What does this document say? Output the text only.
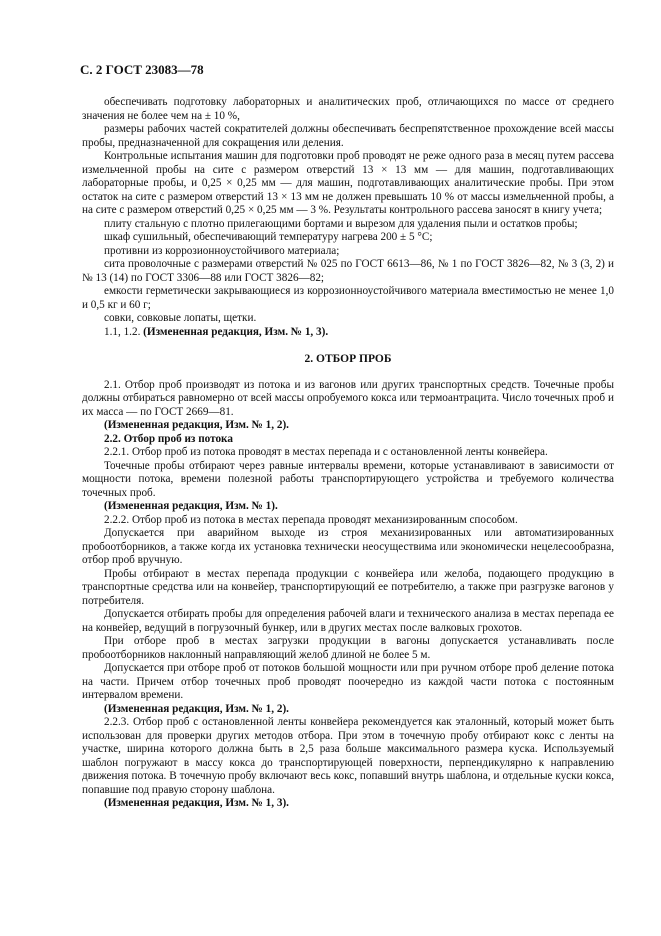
С. 2 ГОСТ 23083—78

обеспечивать подготовку лабораторных и аналитических проб, отличающихся по массе от среднего значения не более чем на ± 10 %,

размеры рабочих частей сократителей должны обеспечивать беспрепятственное прохождение всей массы пробы, предназначенной для сокращения или деления.

Контрольные испытания машин для подготовки проб проводят не реже одного раза в месяц путем рассева измельченной пробы на сите с размером отверстий 13 × 13 мм — для машин, подготавливающих лабораторные пробы, и 0,25 × 0,25 мм — для машин, подготавливающих аналитические пробы. При этом остаток на сите с размером отверстий 13 × 13 мм не должен превышать 10 % от массы измельченной пробы, а на сите с размером отверстий 0,25 × 0,25 мм — 3 %. Результаты контрольного рассева заносят в книгу учета;

плиту стальную с плотно прилегающими бортами и вырезом для удаления пыли и остатков пробы;

шкаф сушильный, обеспечивающий температуру нагрева 200 ± 5 °С;

противни из коррозионноустойчивого материала;

сита проволочные с размерами отверстий № 025 по ГОСТ 6613—86, № 1 по ГОСТ 3826—82, № 3 (3, 2) и № 13 (14) по ГОСТ 3306—88 или ГОСТ 3826—82;

емкости герметически закрывающиеся из коррозионноустойчивого материала вместимостью не менее 1,0 и 0,5 кг и 60 г;

совки, совковые лопаты, щетки.

1.1, 1.2. (Измененная редакция, Изм. № 1, 3).

2. ОТБОР ПРОБ

2.1. Отбор проб производят из потока и из вагонов или других транспортных средств. Точечные пробы должны отбираться равномерно от всей массы опробуемого кокса или термоантрацита. Число точечных проб и их масса — по ГОСТ 2669—81.

(Измененная редакция, Изм. № 1, 2).

2.2. Отбор проб из потока

2.2.1. Отбор проб из потока проводят в местах перепада и с остановленной ленты конвейера.

Точечные пробы отбирают через равные интервалы времени, которые устанавливают в зависимости от мощности потока, времени полезной работы транспортирующего устройства и требуемого количества точечных проб.

(Измененная редакция, Изм. № 1).

2.2.2. Отбор проб из потока в местах перепада проводят механизированным способом.

Допускается при аварийном выходе из строя механизированных или автоматизированных пробоотборников, а также когда их установка технически неосуществима или экономически нецелесообразна, отбор проб вручную.

Пробы отбирают в местах перепада продукции с конвейера или желоба, подающего продукцию в транспортные средства или на конвейер, транспортирующий ее потребителю, а также при разгрузке вагонов у потребителя.

Допускается отбирать пробы для определения рабочей влаги и технического анализа в местах перепада ее на конвейер, ведущий в погрузочный бункер, или в других местах после валковых грохотов.

При отборе проб в местах загрузки продукции в вагоны допускается устанавливать после пробоотборников наклонный направляющий желоб длиной не более 5 м.

Допускается при отборе проб от потоков большой мощности или при ручном отборе проб деление потока на части. Причем отбор точечных проб проводят поочередно из каждой части потока с постоянным интервалом времени.

(Измененная редакция, Изм. № 1, 2).

2.2.3. Отбор проб с остановленной ленты конвейера рекомендуется как эталонный, который может быть использован для проверки других методов отбора. При этом в точечную пробу отбирают кокс с ленты на участке, ширина которого должна быть в 2,5 раза больше максимального размера куска. Используемый шаблон погружают в массу кокса до транспортирующей поверхности, перпендикулярно к направлению движения потока. В точечную пробу включают весь кокс, попавший внутрь шаблона, и отдельные куски кокса, попавшие под правую сторону шаблона.

(Измененная редакция, Изм. № 1, 3).
